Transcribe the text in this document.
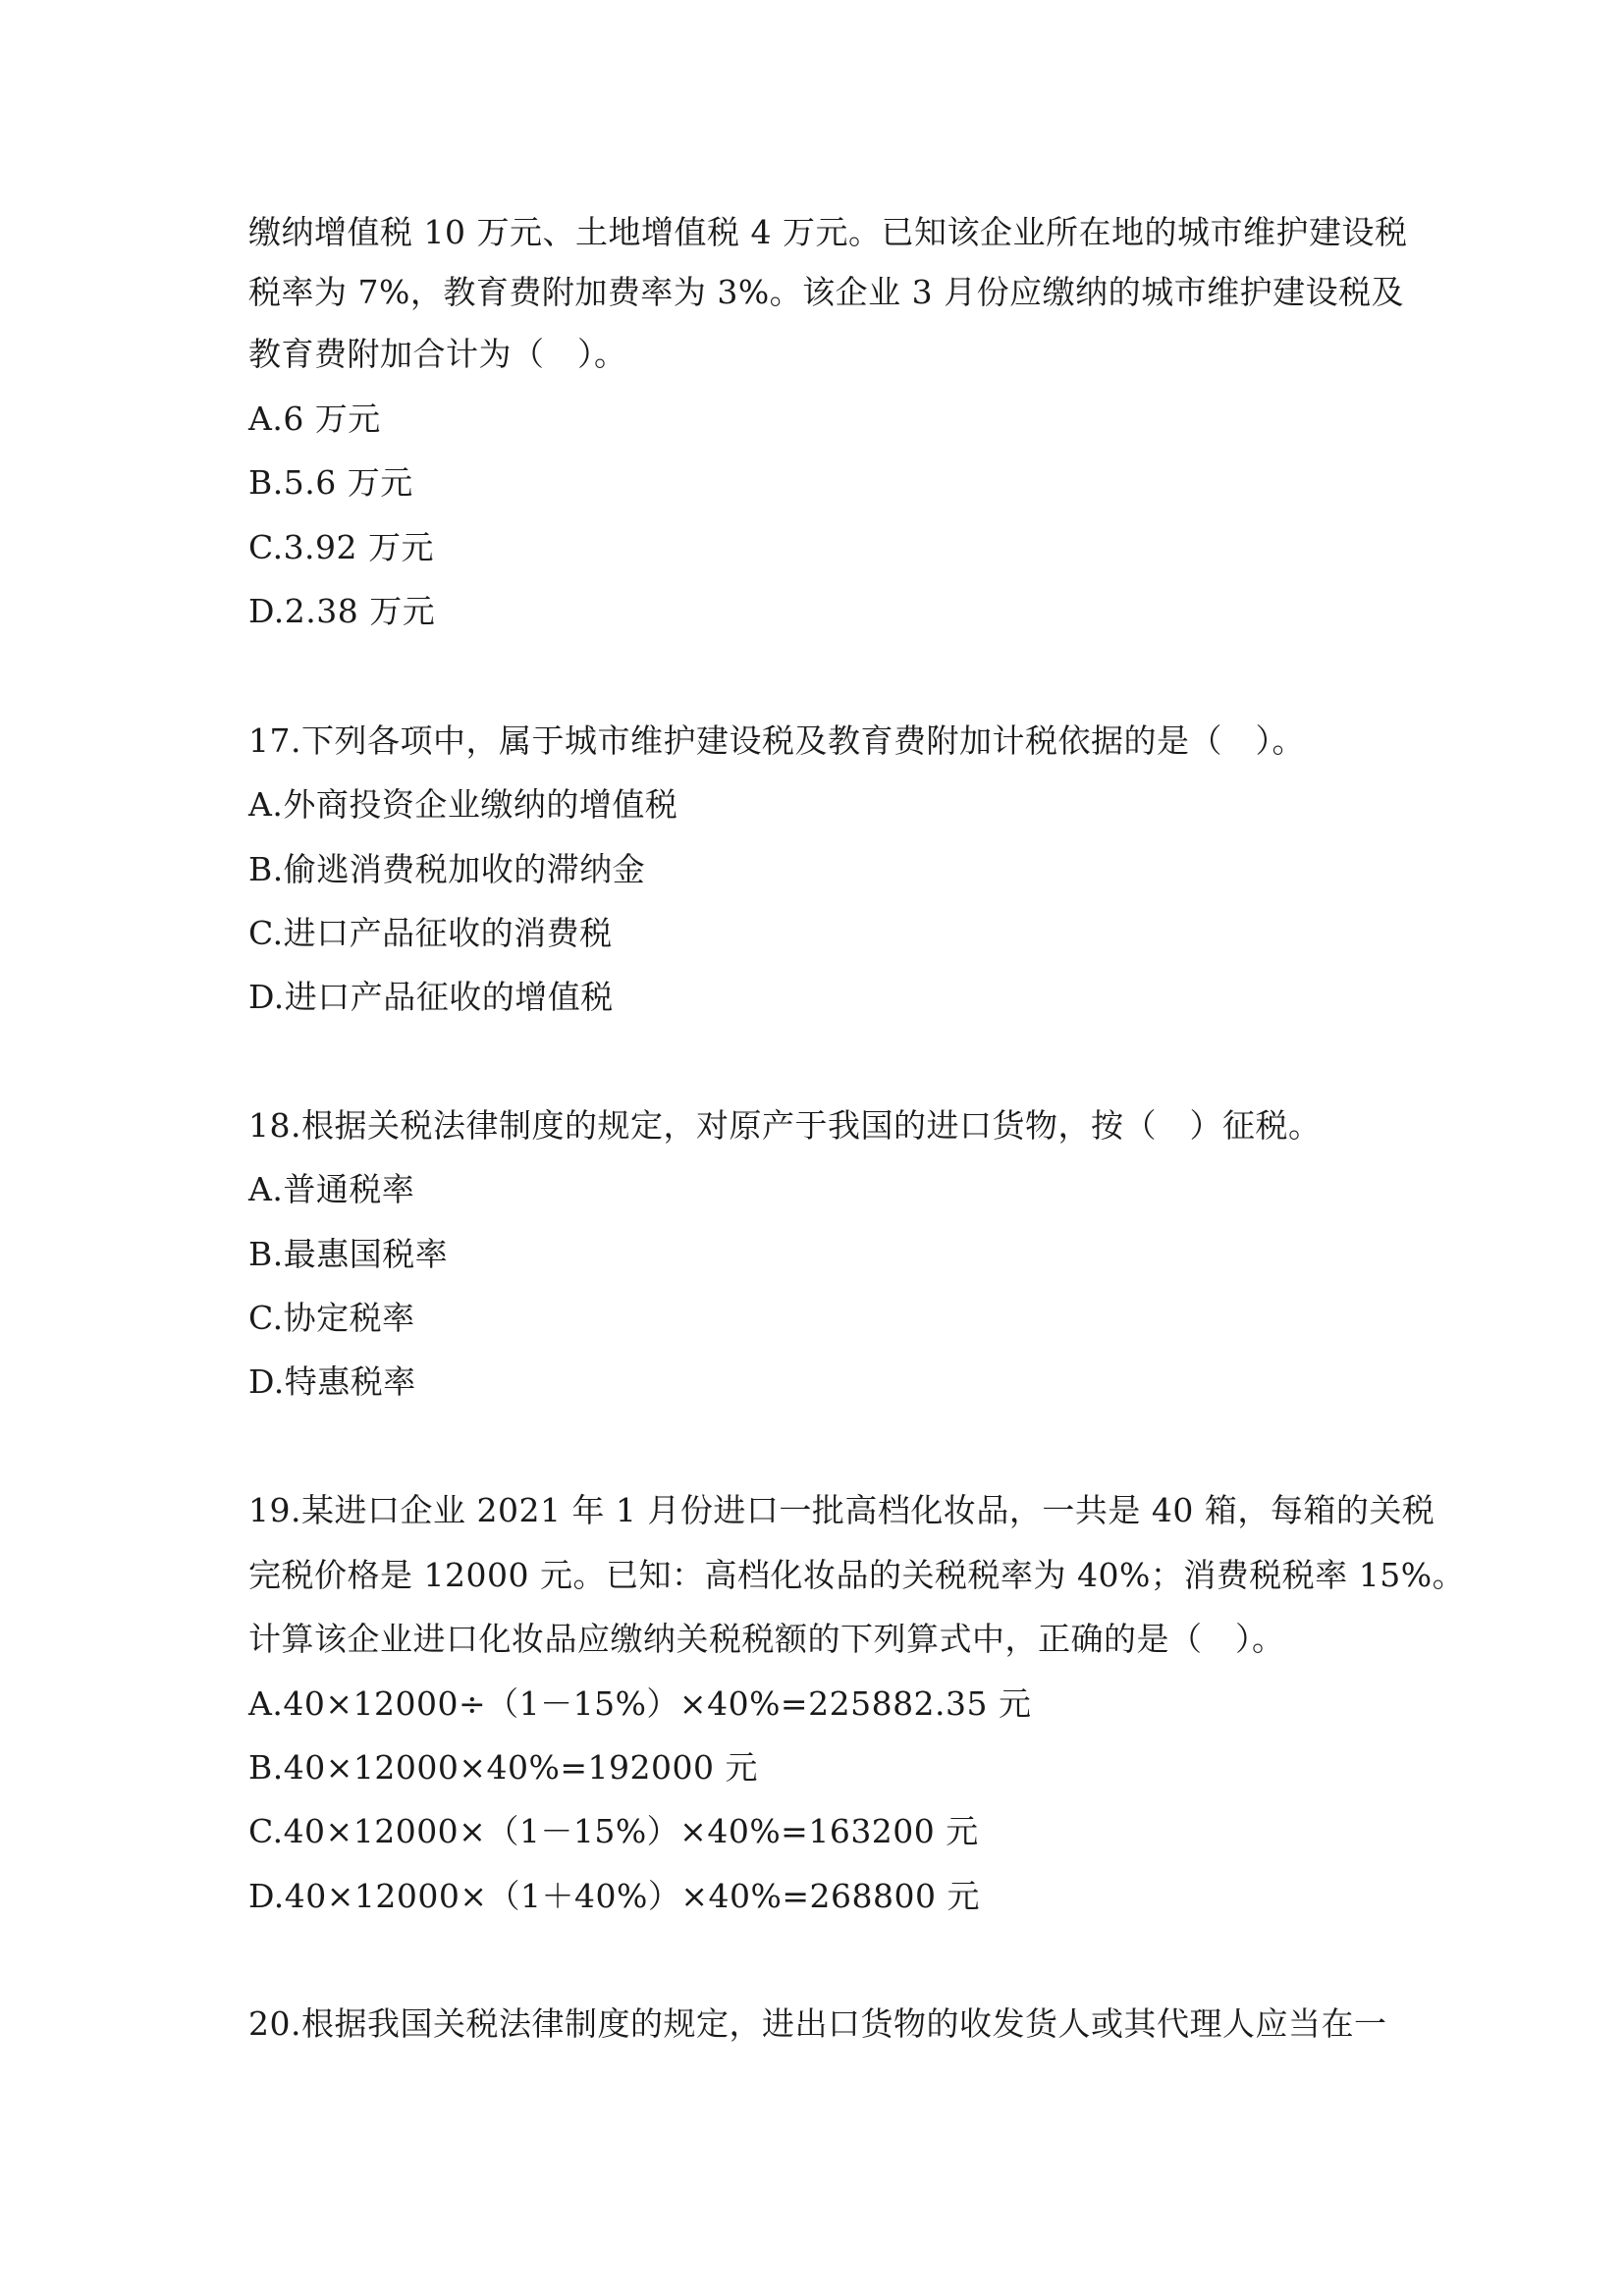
缴纳增值税 10 万元、土地增值税 4 万元。已知该企业所在地的城市维护建设税
税率为 7%，教育费附加费率为 3%。该企业 3 月份应缴纳的城市维护建设税及
教育费附加合计为（　）。
A.6 万元
B.5.6 万元
C.3.92 万元
D.2.38 万元
17.下列各项中，属于城市维护建设税及教育费附加计税依据的是（　）。
A.外商投资企业缴纳的增值税
B.偷逃消费税加收的滞纳金
C.进口产品征收的消费税
D.进口产品征收的增值税
18.根据关税法律制度的规定，对原产于我国的进口货物，按（　）征税。
A.普通税率
B.最惠国税率
C.协定税率
D.特惠税率
19.某进口企业 2021 年 1 月份进口一批高档化妆品，一共是 40 箱，每箱的关税
完税价格是 12000 元。已知：高档化妆品的关税税率为 40%；消费税税率 15%。
计算该企业进口化妆品应缴纳关税税额的下列算式中，正确的是（　）。
A.40×12000÷（1－15%）×40%=225882.35 元
B.40×12000×40%=192000 元
C.40×12000×（1－15%）×40%=163200 元
D.40×12000×（1＋40%）×40%=268800 元
20.根据我国关税法律制度的规定，进出口货物的收发货人或其代理人应当在一
